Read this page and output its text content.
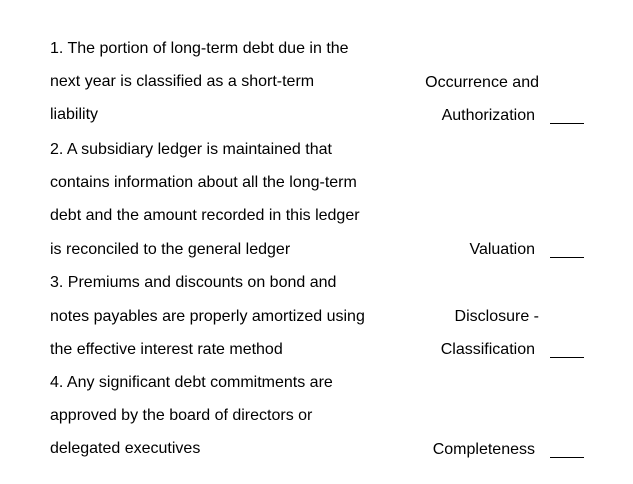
1. The portion of long-term debt due in the
next year is classified as a short-term
liability
2. A subsidiary ledger is maintained that
contains information about all the long-term
debt and the amount recorded in this ledger
is reconciled to the general ledger
3. Premiums and discounts on bond and
notes payables are properly amortized using
the effective interest rate method
4. Any significant debt commitments are
approved by the board of directors or
delegated executives
Occurrence and
Authorization
Valuation
Disclosure -
Classification
Completeness
